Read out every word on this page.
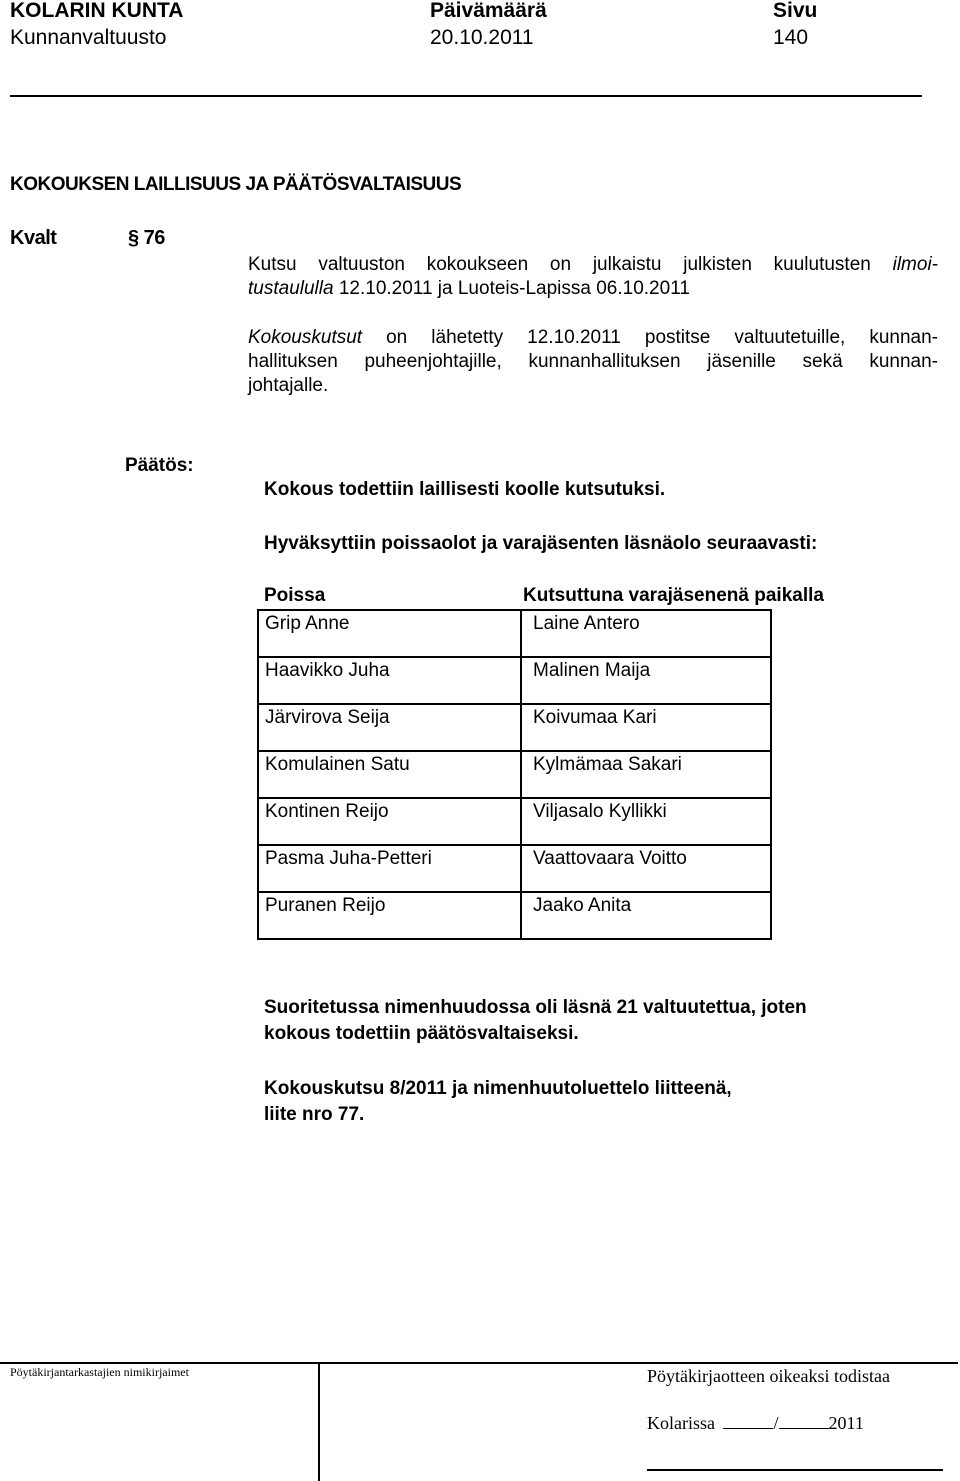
KOLARIN KUNTA
Kunnanvaltuusto
Päivämäärä
20.10.2011
Sivu
140
KOKOUKSEN LAILLISUUS JA PÄÄTÖSVALTAISUUS
Kvalt	§ 76
Kutsu valtuuston kokoukseen on julkaistu julkisten kuulutusten ilmoi-
tustaululla 12.10.2011 ja Luoteis-Lapissa 06.10.2011
Kokouskutsut on lähetetty 12.10.2011 postitse valtuutetuille, kunnan-
hallituksen puheenjohtajille, kunnanhallituksen jäsenille sekä kunnan-
johtajalle.
Päätös:
Kokous todettiin laillisesti koolle kutsutuksi.
Hyväksyttiin poissaolot ja varajäsenten läsnäolo seuraavasti:
Poissa	Kutsuttuna varajäsenenä paikalla
Grip Anne	Laine Antero
Haavikko Juha	Malinen Maija
Järvirova Seija	Koivumaa Kari
Komulainen Satu	Kylmämaa Sakari
Kontinen Reijo	Viljasalo Kyllikki
Pasma Juha-Petteri	Vaattovaara Voitto
Puranen Reijo	Jaako Anita
Suoritetussa nimenhuudossa oli läsnä 21 valtuutettua, joten
kokous todettiin päätösvaltaiseksi.
Kokouskutsu 8/2011 ja nimenhuutoluettelo liitteenä,
liite nro 77.
Pöytäkirjantarkastajien nimikirjaimet	Pöytäkirjaotteen oikeaksi todistaa
Kolarissa	/	2011
